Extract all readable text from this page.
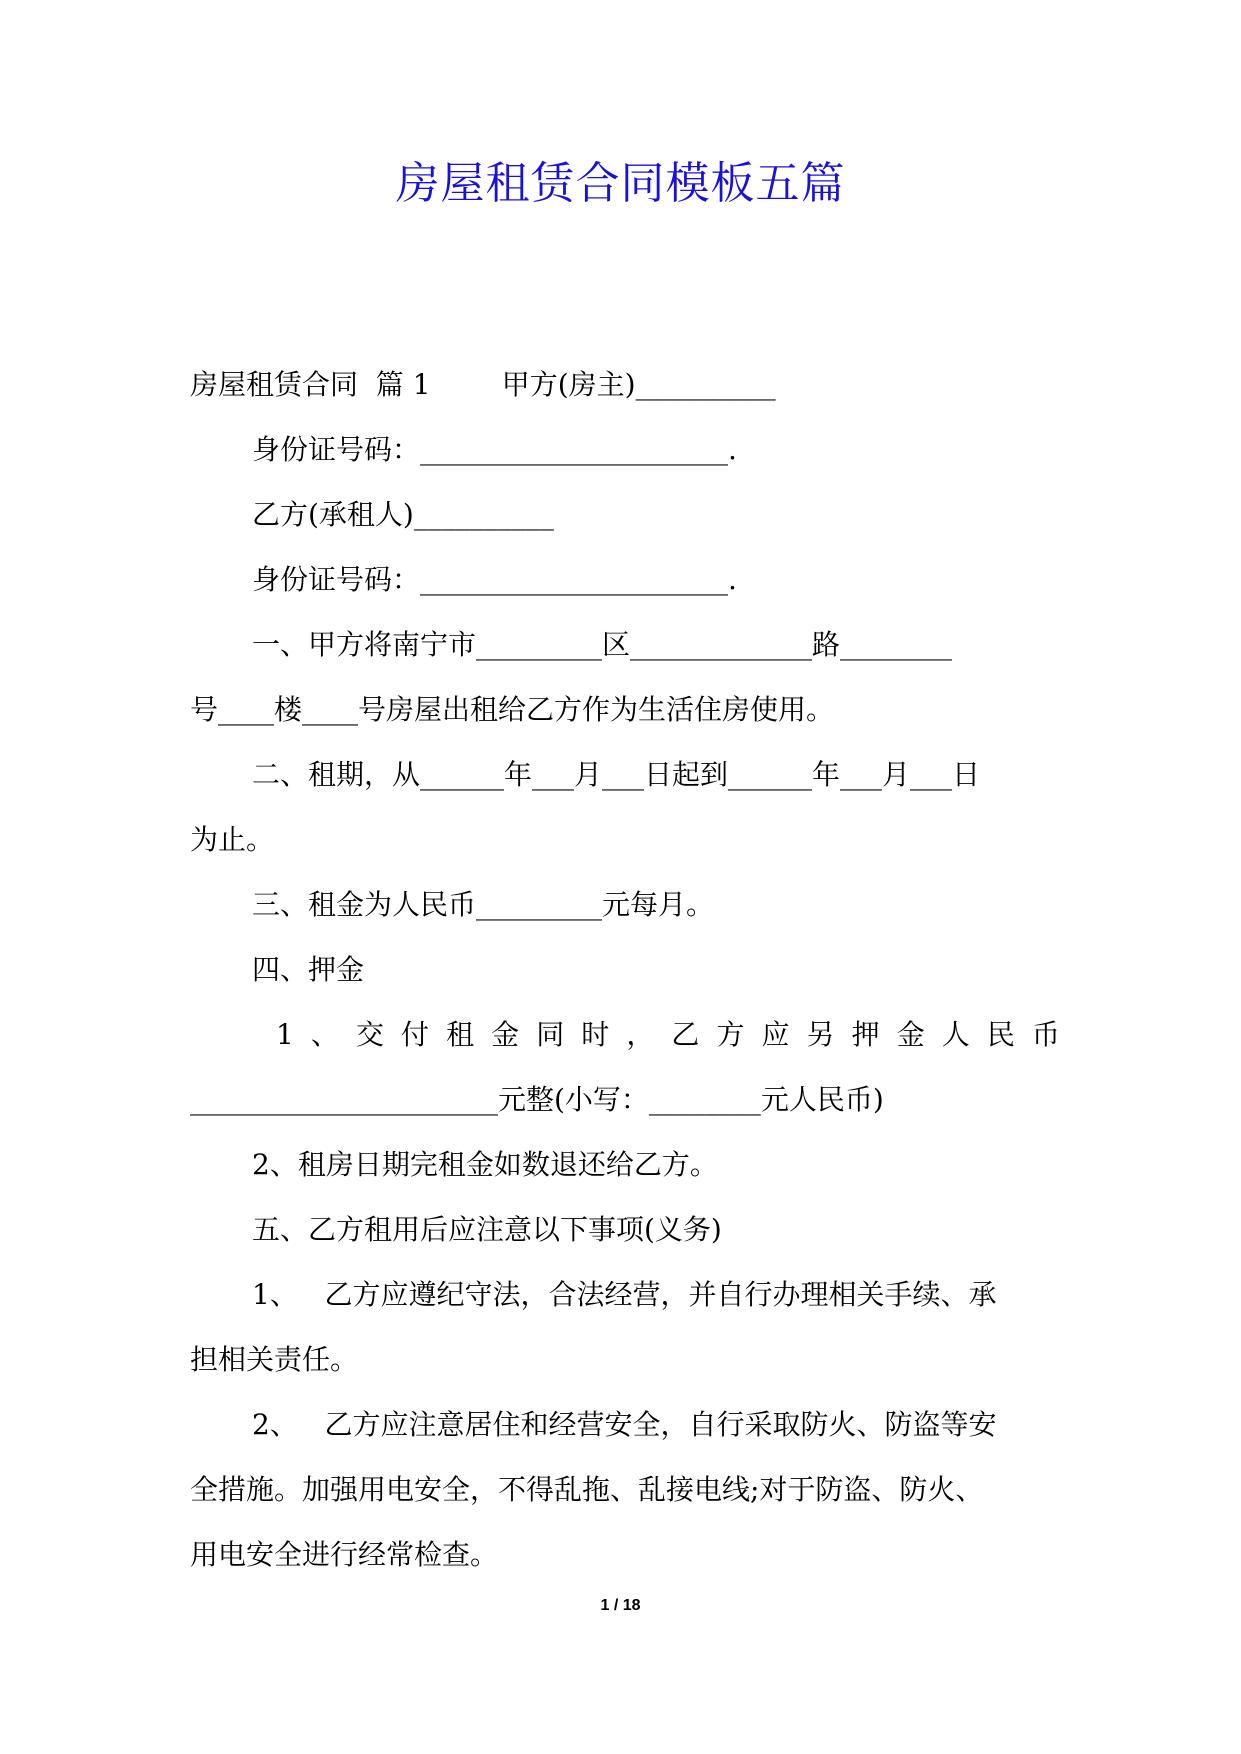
房屋租赁合同模板五篇
房屋租赁合同  篇 1        甲方(房主)__________
身份证号码：______________________.
乙方(承租人)__________
身份证号码：______________________.
一、甲方将南宁市_________区_____________路________
号____楼____号房屋出租给乙方作为生活住房使用。
二、租期，从______年___月___日起到______年___月___日
为止。
三、租金为人民币_________元每月。
四、押金
1 、 交 付 租 金 同 时 ， 乙 方 应 另 押 金 人 民 币
______________________元整(小写：________元人民币)
2、租房日期完租金如数退还给乙方。
五、乙方租用后应注意以下事项(义务)
1、   乙方应遵纪守法，合法经营，并自行办理相关手续、承
担相关责任。
2、   乙方应注意居住和经营安全，自行采取防火、防盗等安
全措施。加强用电安全，不得乱拖、乱接电线;对于防盗、防火、
用电安全进行经常检查。
1 / 18
